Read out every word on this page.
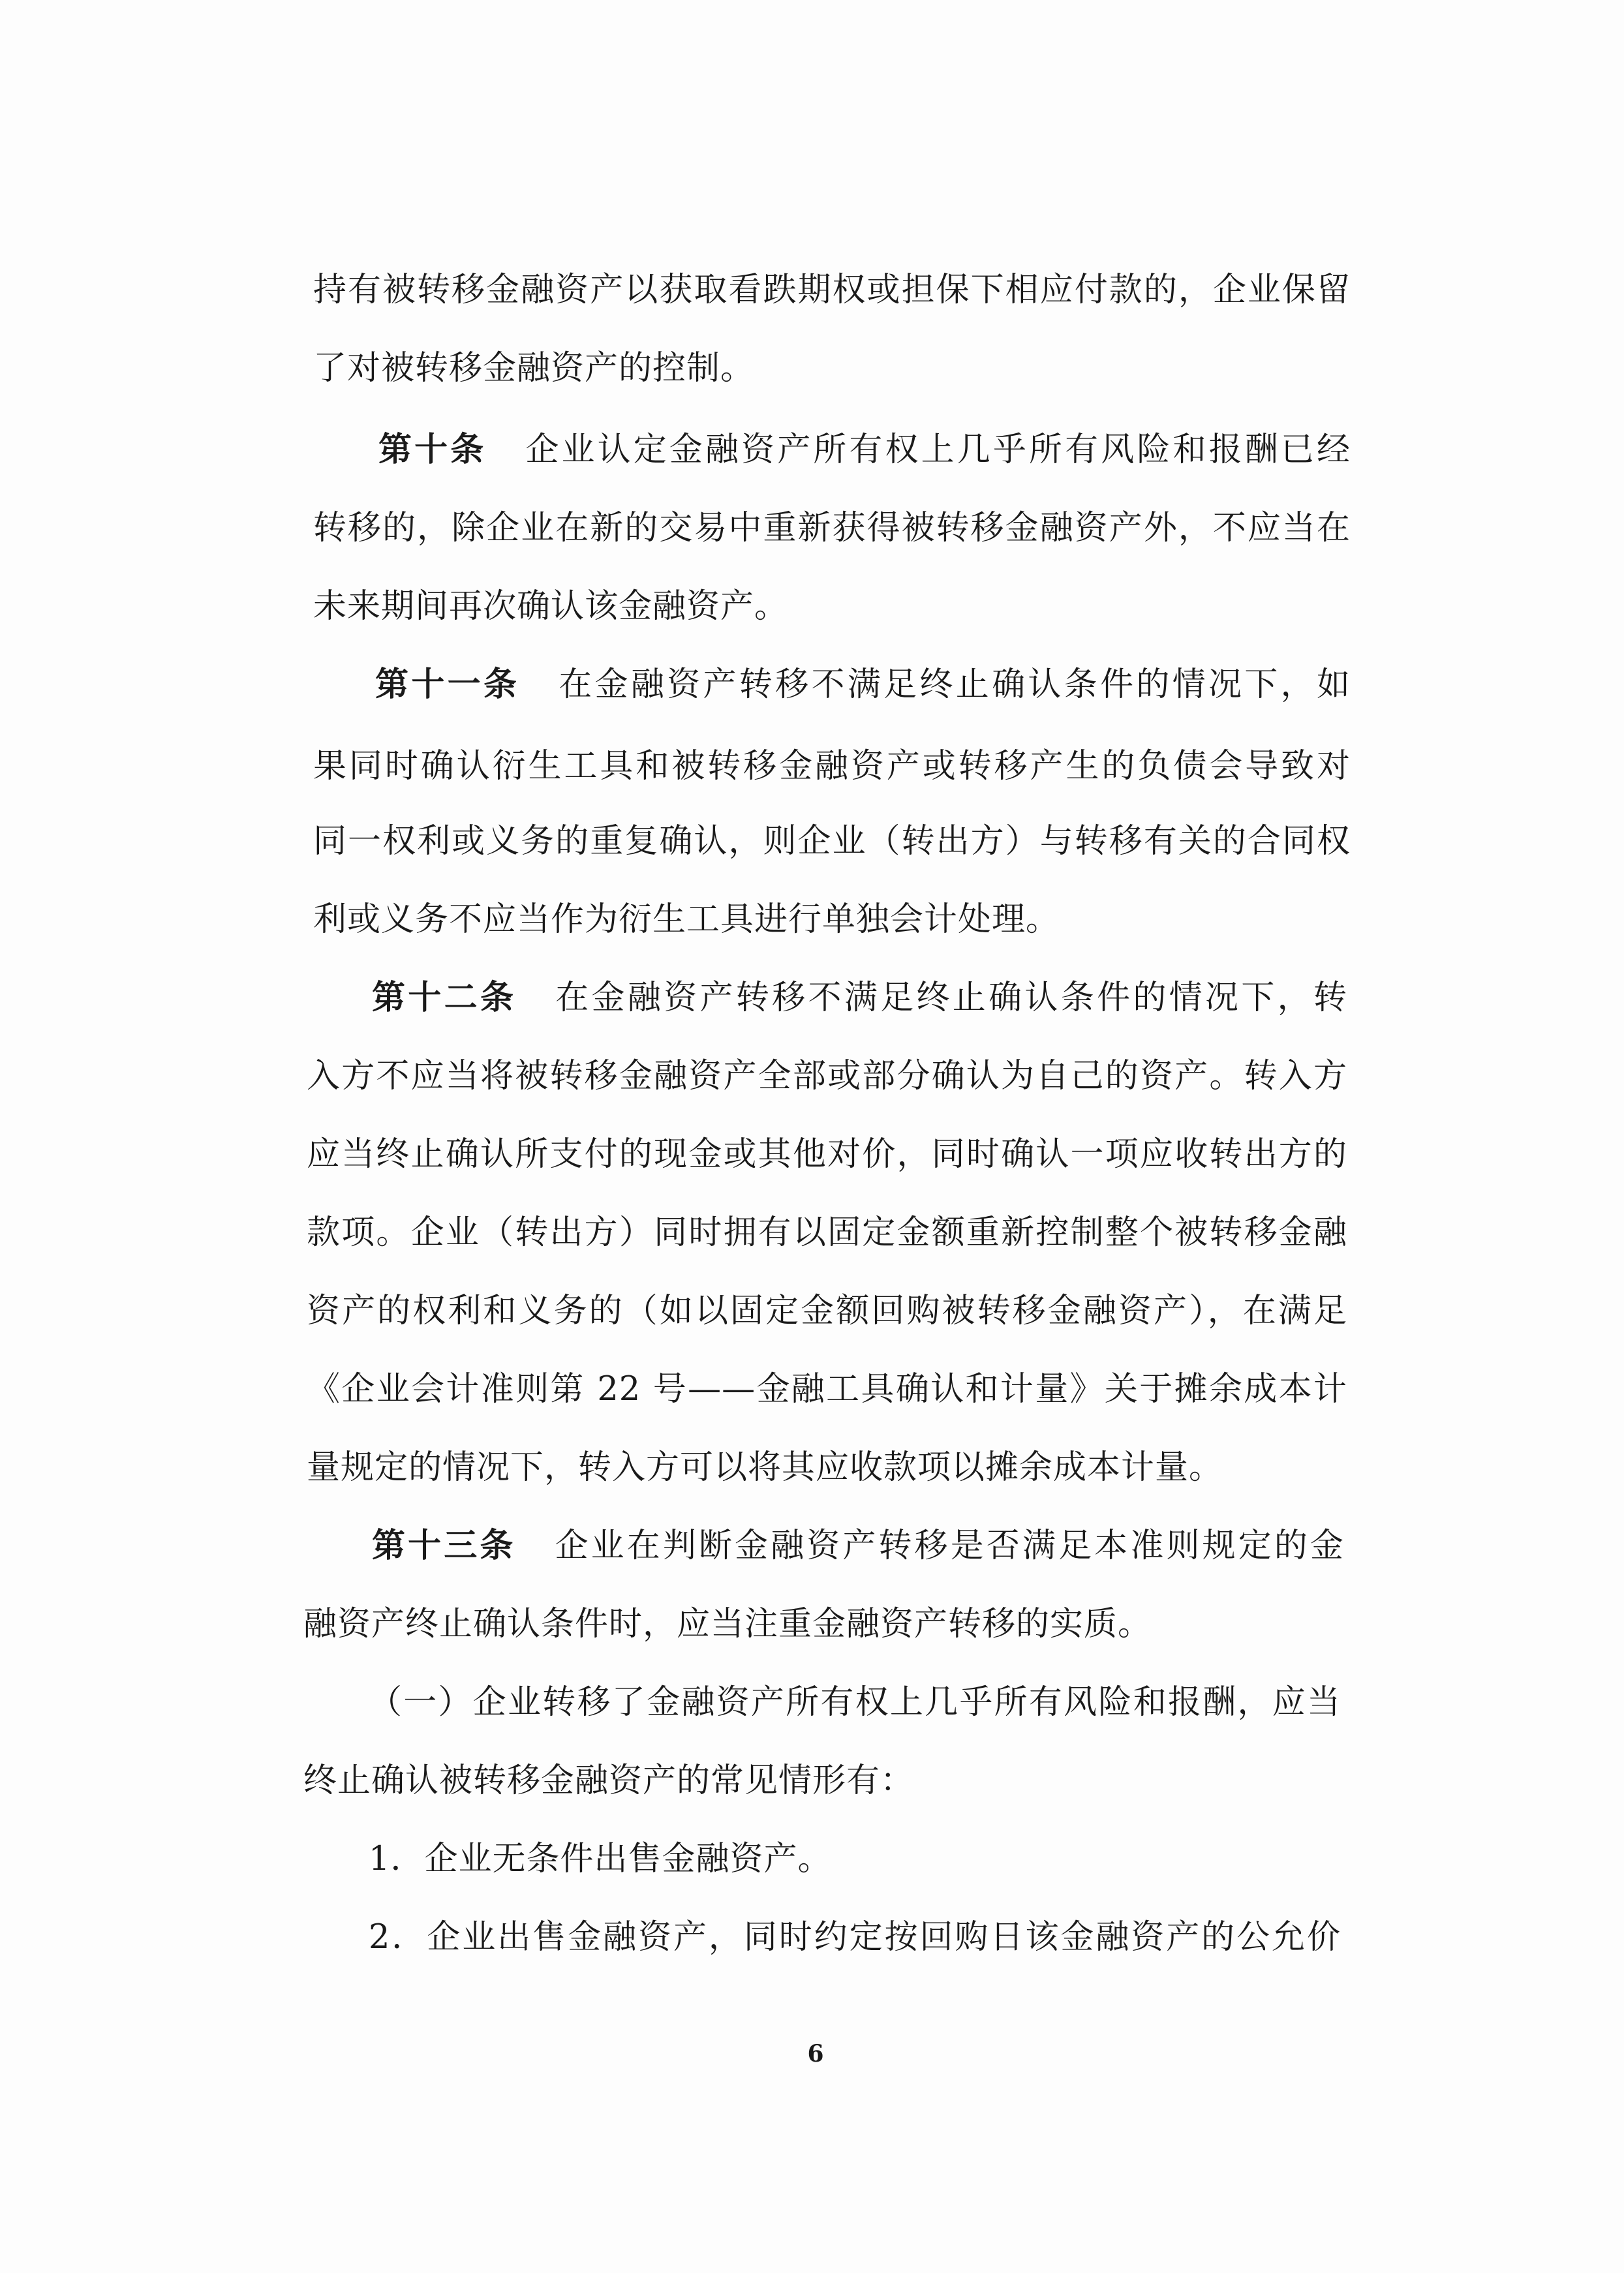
持有被转移金融资产以获取看跌期权或担保下相应付款的，企业保留
了对被转移金融资产的控制。
第十条 企业认定金融资产所有权上几乎所有风险和报酬已经
转移的，除企业在新的交易中重新获得被转移金融资产外，不应当在
未来期间再次确认该金融资产。
第十一条 在金融资产转移不满足终止确认条件的情况下，如
果同时确认衍生工具和被转移金融资产或转移产生的负债会导致对
同一权利或义务的重复确认，则企业（转出方）与转移有关的合同权
利或义务不应当作为衍生工具进行单独会计处理。
第十二条 在金融资产转移不满足终止确认条件的情况下，转
入方不应当将被转移金融资产全部或部分确认为自己的资产。转入方
应当终止确认所支付的现金或其他对价，同时确认一项应收转出方的
款项。企业（转出方）同时拥有以固定金额重新控制整个被转移金融
资产的权利和义务的（如以固定金额回购被转移金融资产），在满足
《企业会计准则第 22 号——金融工具确认和计量》关于摊余成本计
量规定的情况下，转入方可以将其应收款项以摊余成本计量。
第十三条 企业在判断金融资产转移是否满足本准则规定的金
融资产终止确认条件时，应当注重金融资产转移的实质。
（一）企业转移了金融资产所有权上几乎所有风险和报酬，应当
终止确认被转移金融资产的常见情形有：
1．企业无条件出售金融资产。
2．企业出售金融资产，同时约定按回购日该金融资产的公允价
6
